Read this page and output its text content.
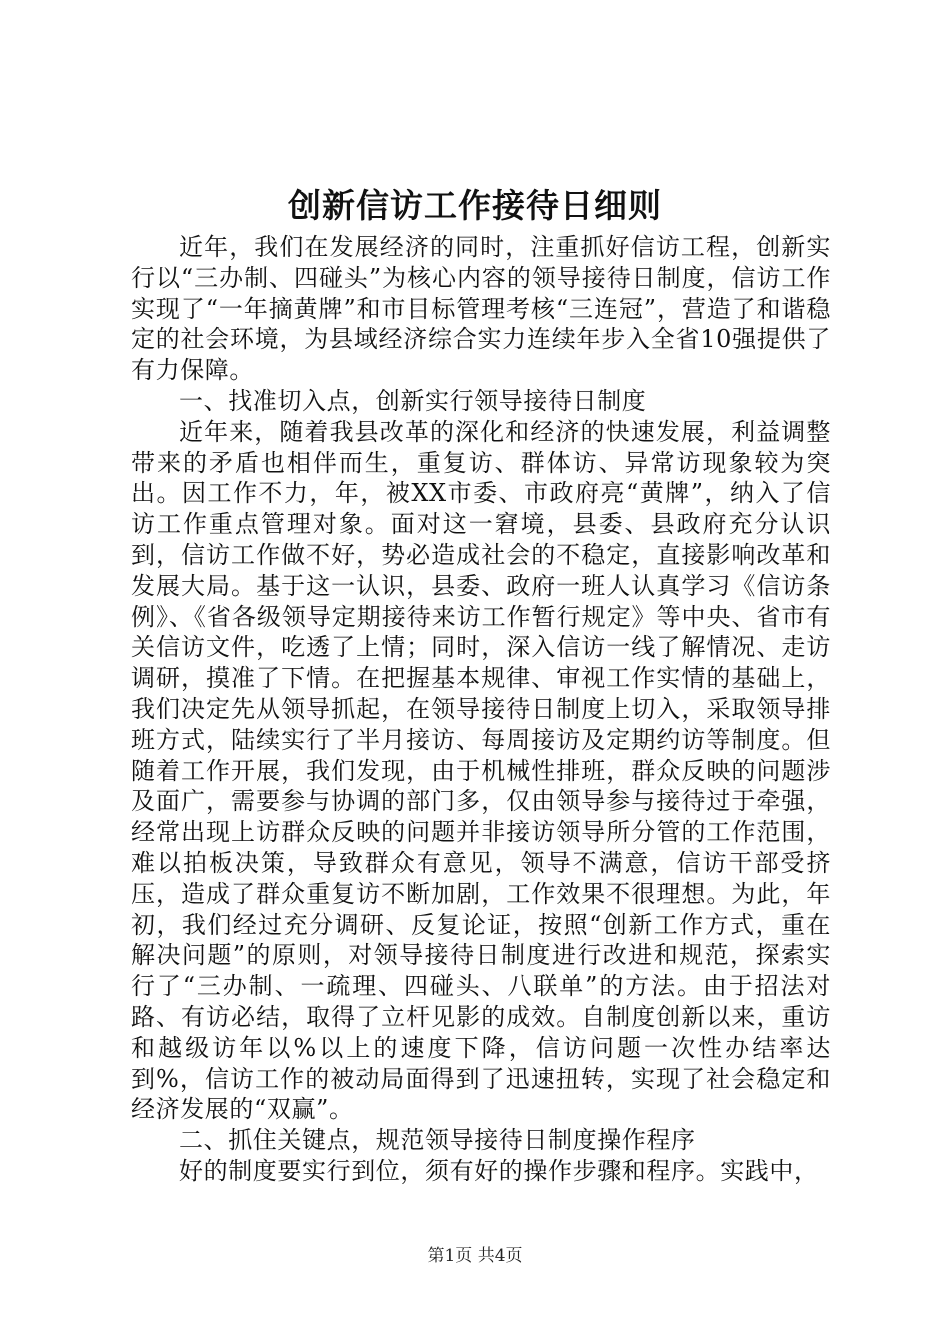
创新信访工作接待日细则

近年，我们在发展经济的同时，注重抓好信访工程，创新实行以“三办制、四碰头”为核心内容的领导接待日制度，信访工作实现了“一年摘黄牌”和市目标管理考核“三连冠”，营造了和谐稳定的社会环境，为县域经济综合实力连续年步入全省10强提供了有力保障。

一、找准切入点，创新实行领导接待日制度

近年来，随着我县改革的深化和经济的快速发展，利益调整带来的矛盾也相伴而生，重复访、群体访、异常访现象较为突出。因工作不力，年，被XX市委、市政府亮“黄牌”，纳入了信访工作重点管理对象。面对这一窘境，县委、县政府充分认识到，信访工作做不好，势必造成社会的不稳定，直接影响改革和发展大局。基于这一认识，县委、政府一班人认真学习《信访条例》、《省各级领导定期接待来访工作暂行规定》等中央、省市有关信访文件，吃透了上情；同时，深入信访一线了解情况、走访调研，摸准了下情。在把握基本规律、审视工作实情的基础上，我们决定先从领导抓起，在领导接待日制度上切入，采取领导排班方式，陆续实行了半月接访、每周接访及定期约访等制度。但随着工作开展，我们发现，由于机械性排班，群众反映的问题涉及面广，需要参与协调的部门多，仅由领导参与接待过于牵强，经常出现上访群众反映的问题并非接访领导所分管的工作范围，难以拍板决策，导致群众有意见，领导不满意，信访干部受挤压，造成了群众重复访不断加剧，工作效果不很理想。为此，年初，我们经过充分调研、反复论证，按照“创新工作方式，重在解决问题”的原则，对领导接待日制度进行改进和规范，探索实行了“三办制、一疏理、四碰头、八联单”的方法。由于招法对路、有访必结，取得了立杆见影的成效。自制度创新以来，重访和越级访年以%以上的速度下降，信访问题一次性办结率达到%，信访工作的被动局面得到了迅速扭转，实现了社会稳定和经济发展的“双赢”。

二、抓住关键点，规范领导接待日制度操作程序

好的制度要实行到位，须有好的操作步骤和程序。实践中，

第1页 共4页
